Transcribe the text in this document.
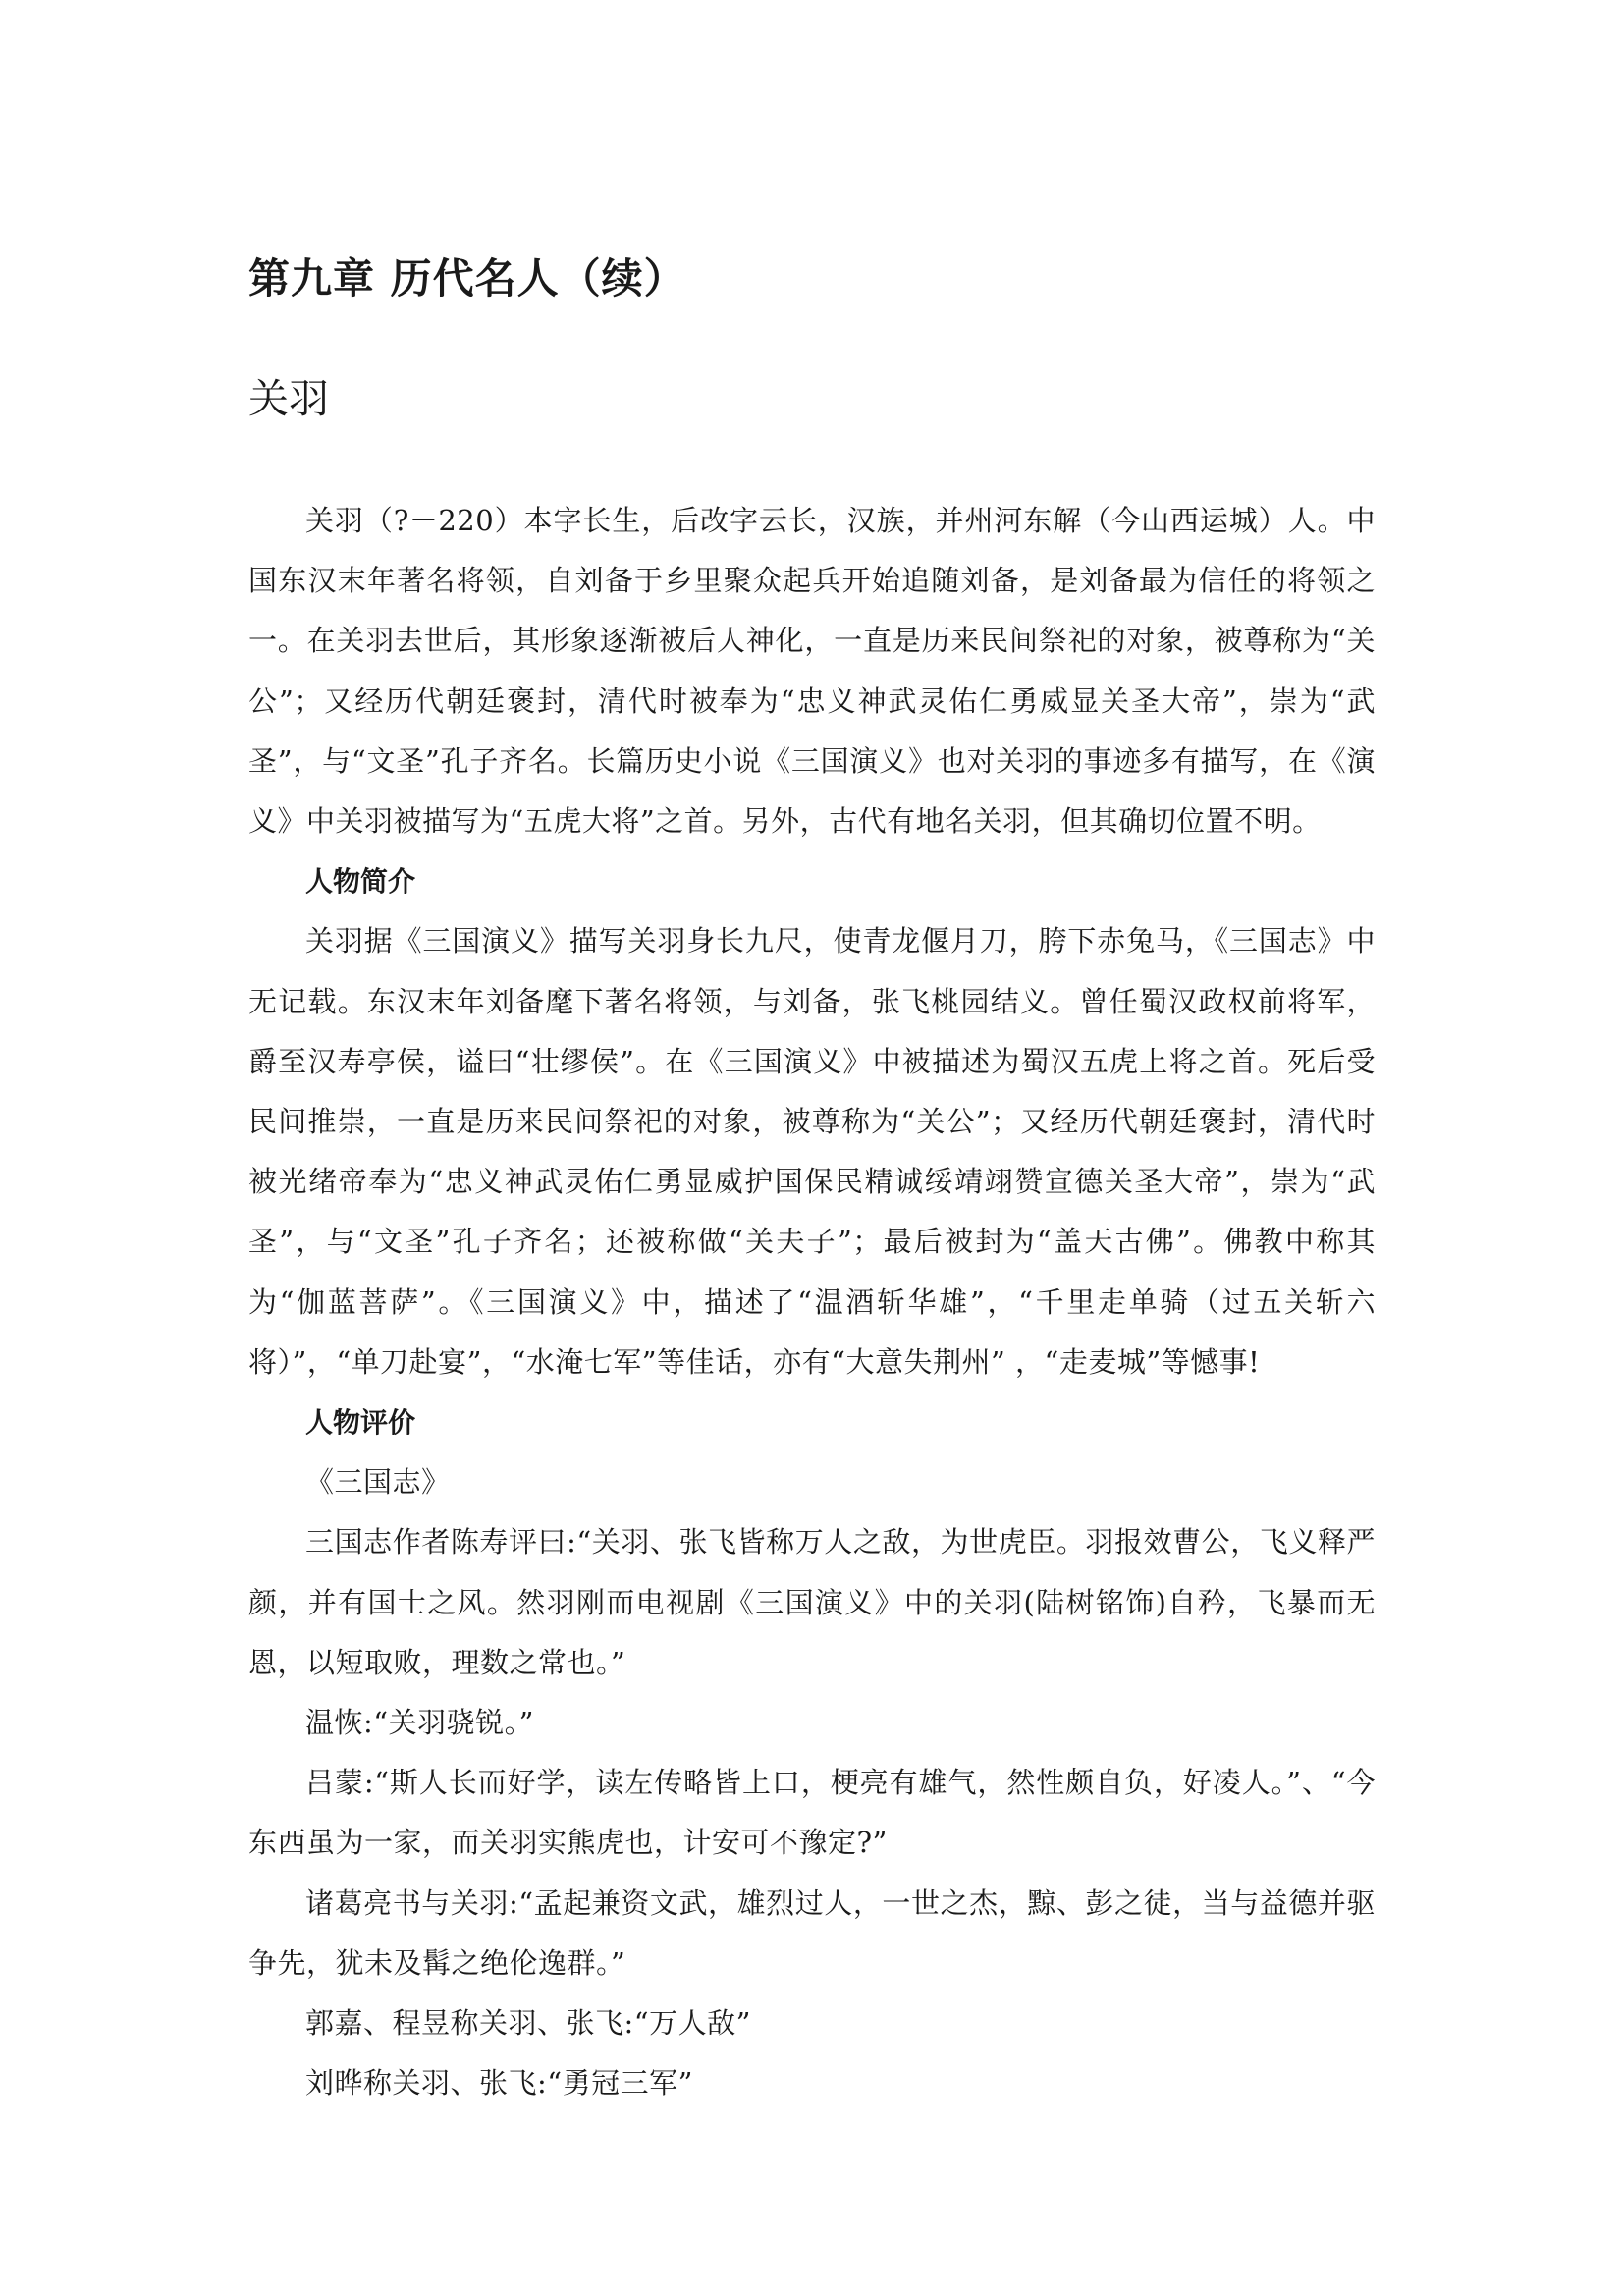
第九章 历代名人（续）
关羽

关羽（?－220）本字长生，后改字云长，汉族，并州河东解（今山西运城）人。中国东汉末年著名将领，自刘备于乡里聚众起兵开始追随刘备，是刘备最为信任的将领之一。在关羽去世后，其形象逐渐被后人神化，一直是历来民间祭祀的对象，被尊称为“关公”；又经历代朝廷褒封，清代时被奉为“忠义神武灵佑仁勇威显关圣大帝”，崇为“武圣”，与“文圣”孔子齐名。长篇历史小说《三国演义》也对关羽的事迹多有描写，在《演义》中关羽被描写为“五虎大将”之首。另外，古代有地名关羽，但其确切位置不明。

人物简介

关羽据《三国演义》描写关羽身长九尺，使青龙偃月刀，胯下赤兔马，《三国志》中无记载。东汉末年刘备麾下著名将领，与刘备，张飞桃园结义。曾任蜀汉政权前将军，爵至汉寿亭侯，谥曰“壮缪侯”。在《三国演义》中被描述为蜀汉五虎上将之首。死后受民间推崇，一直是历来民间祭祀的对象，被尊称为“关公”；又经历代朝廷褒封，清代时被光绪帝奉为“忠义神武灵佑仁勇显威护国保民精诚绥靖翊赞宣德关圣大帝”，崇为“武圣”，与“文圣”孔子齐名；还被称做“关夫子”；最后被封为“盖天古佛”。佛教中称其为“伽蓝菩萨”。《三国演义》中，描述了“温酒斩华雄”，“千里走单骑（过五关斩六将）”，“单刀赴宴”，“水淹七军”等佳话，亦有“大意失荆州” ，“走麦城”等憾事!

人物评价

《三国志》

三国志作者陈寿评曰:“关羽、张飞皆称万人之敌，为世虎臣。羽报效曹公，飞义释严颜，并有国士之风。然羽刚而电视剧《三国演义》中的关羽(陆树铭饰)自矜，飞暴而无恩，以短取败，理数之常也。”

温恢:“关羽骁锐。”

吕蒙:“斯人长而好学，读左传略皆上口，梗亮有雄气，然性颇自负，好凌人。”、“今东西虽为一家，而关羽实熊虎也，计安可不豫定?”

诸葛亮书与关羽:“孟起兼资文武，雄烈过人，一世之杰，黥、彭之徒，当与益德并驱争先，犹未及髯之绝伦逸群。”

郭嘉、程昱称关羽、张飞:“万人敌”

刘晔称关羽、张飞:“勇冠三军”
